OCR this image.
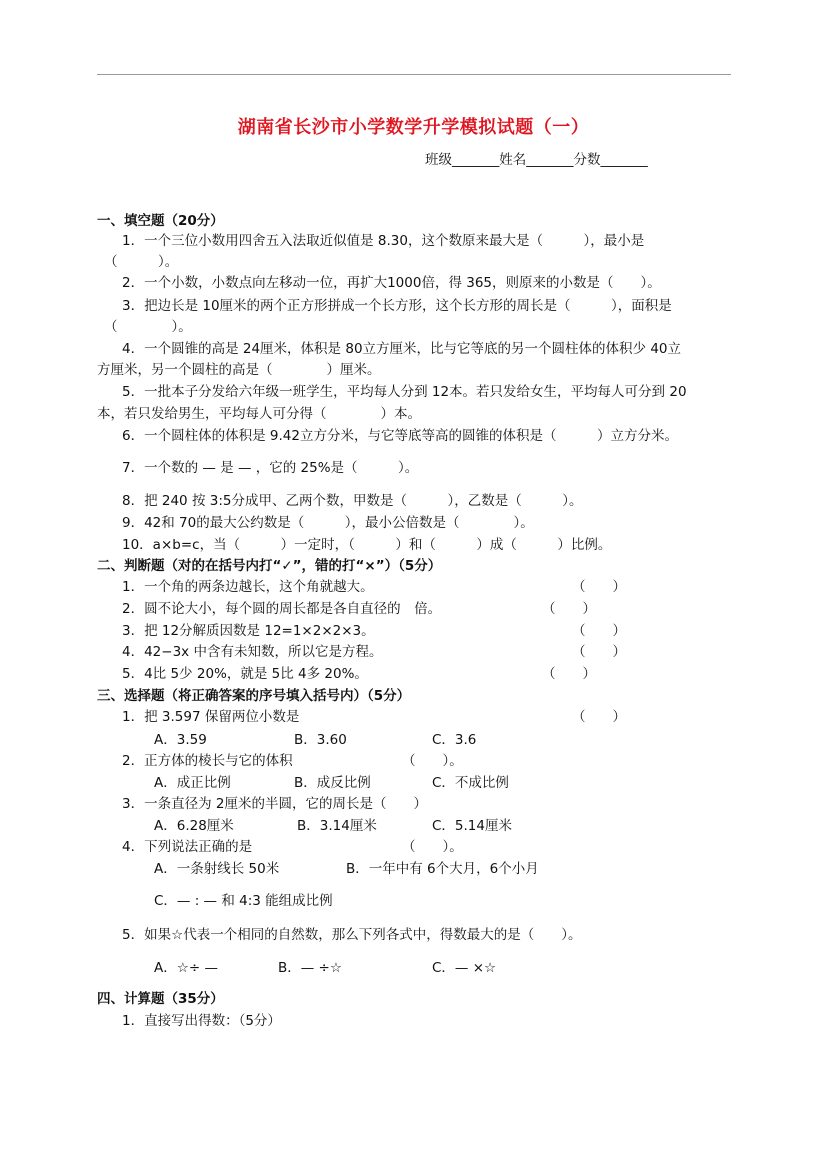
湖南省长沙市小学数学升学模拟试题（一）
班级_______姓名_______分数_______
一、填空题（20分）
1．一个三位小数用四舍五入法取近似值是 8.30，这个数原来最大是（　　　），最小是
（　　　）。
2．一个小数，小数点向左移动一位，再扩大1000倍，得 365，则原来的小数是（　　）。
3．把边长是 10厘米的两个正方形拼成一个长方形，这个长方形的周长是（　　　），面积是
（　　　　）。
4．一个圆锥的高是 24厘米，体积是 80立方厘米，比与它等底的另一个圆柱体的体积少 40立
方厘米，另一个圆柱的高是（　　　　）厘米。
5．一批本子分发给六年级一班学生，平均每人分到 12本。若只发给女生，平均每人可分到 20
本，若只发给男生，平均每人可分得（　　　　）本。
6．一个圆柱体的体积是 9.42立方分米，与它等底等高的圆锥的体积是（　　　）立方分米。
7．一个数的 — 是 — ，它的 25%是（　　　）。
8．把 240 按 3:5分成甲、乙两个数，甲数是（　　　），乙数是（　　　）。
9．42和 70的最大公约数是（　　　），最小公倍数是（　　　　）。
10．a×b=c，当（　　　）一定时，（　　　）和（　　　）成（　　　）比例。
二、判断题（对的在括号内打“✓”，错的打“×”）（5分）
1．一个角的两条边越长，这个角就越大。	（　　）
2．圆不论大小，每个圆的周长都是各自直径的　倍。	（　　）
3．把 12分解质因数是 12=1×2×2×3。	（　　）
4．42−3x 中含有未知数，所以它是方程。	（　　）
5．4比 5少 20%，就是 5比 4多 20%。	（　　）
三、选择题（将正确答案的序号填入括号内）（5分）
1．把 3.597 保留两位小数是	（　　）
A．3.59	B．3.60	C．3.6
2．正方体的棱长与它的体积	（　　）。
A．成正比例	B．成反比例	C．不成比例
3．一条直径为 2厘米的半圆，它的周长是（　　）
A．6.28厘米	B．3.14厘米	C．5.14厘米
4．下列说法正确的是	（　　）。
A．一条射线长 50米	B．一年中有 6个大月，6个小月
C．— : — 和 4:3 能组成比例
5．如果☆代表一个相同的自然数，那么下列各式中，得数最大的是（　　）。
A．☆÷ —	B．— ÷☆	C．— ×☆
四、计算题（35分）
1．直接写出得数：（5分）
